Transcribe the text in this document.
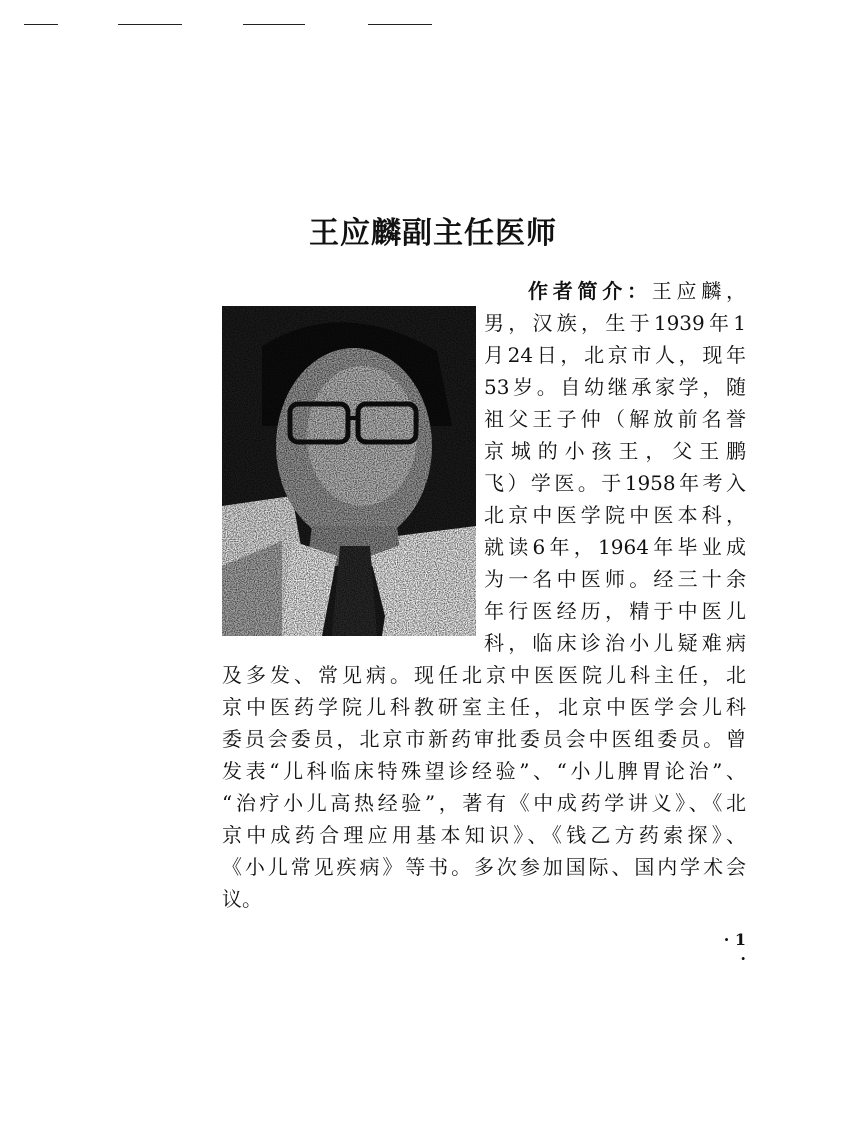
王应麟副主任医师
作者简介：王应麟，
男，汉族，生于1939年1
月24日，北京市人，现年
53岁。自幼继承家学，随
祖父王子仲（解放前名誉
京城的小孩王，父王鹏
飞）学医。于1958年考入
北京中医学院中医本科，
就读6年，1964年毕业成
为一名中医师。经三十余
年行医经历，精于中医儿
科，临床诊治小儿疑难病
及多发、常见病。现任北京中医医院儿科主任，北
京中医药学院儿科教研室主任，北京中医学会儿科
委员会委员，北京市新药审批委员会中医组委员。曾
发表“儿科临床特殊望诊经验”、“小儿脾胃论治”、
“治疗小儿高热经验”，著有《中成药学讲义》、《北
京中成药合理应用基本知识》、《钱乙方药索探》、
《小儿常见疾病》等书。多次参加国际、国内学术会
议。
· 1 ·
